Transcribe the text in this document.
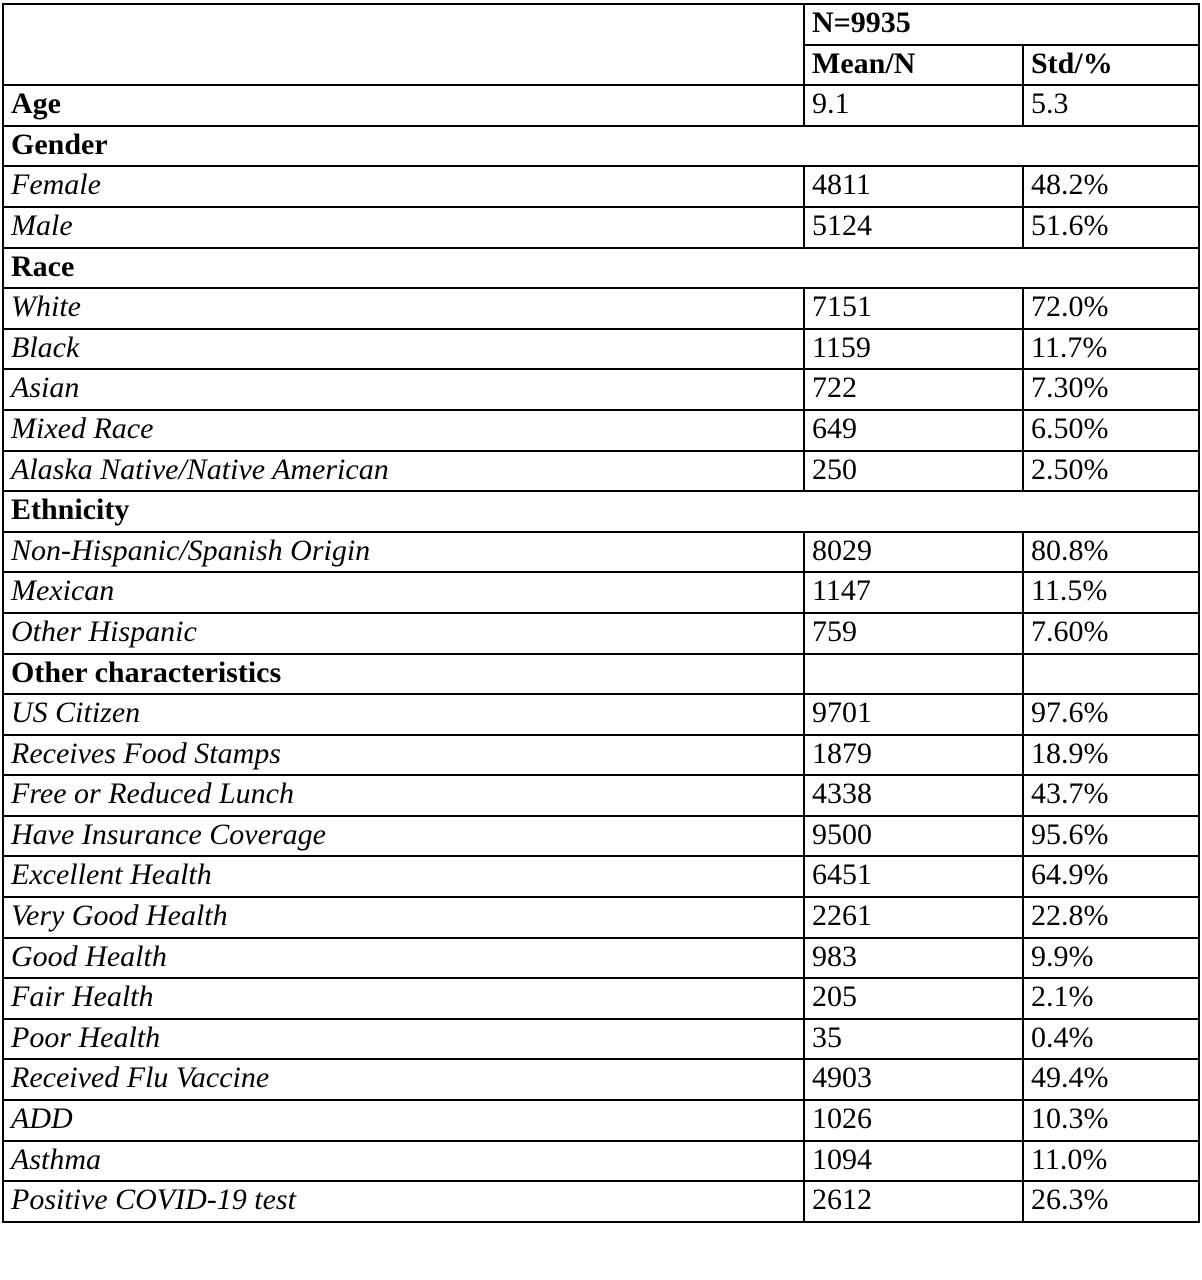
	N=9935	
	Mean/N	Std/%
Age	9.1	5.3
Gender		
Female	4811	48.2%
Male	5124	51.6%
Race		
White	7151	72.0%
Black	1159	11.7%
Asian	722	7.30%
Mixed Race	649	6.50%
Alaska Native/Native American	250	2.50%
Ethnicity		
Non-Hispanic/Spanish Origin	8029	80.8%
Mexican	1147	11.5%
Other Hispanic	759	7.60%
Other characteristics		
US Citizen	9701	97.6%
Receives Food Stamps	1879	18.9%
Free or Reduced Lunch	4338	43.7%
Have Insurance Coverage	9500	95.6%
Excellent Health	6451	64.9%
Very Good Health	2261	22.8%
Good Health	983	9.9%
Fair Health	205	2.1%
Poor Health	35	0.4%
Received Flu Vaccine	4903	49.4%
ADD	1026	10.3%
Asthma	1094	11.0%
Positive COVID-19 test	2612	26.3%
